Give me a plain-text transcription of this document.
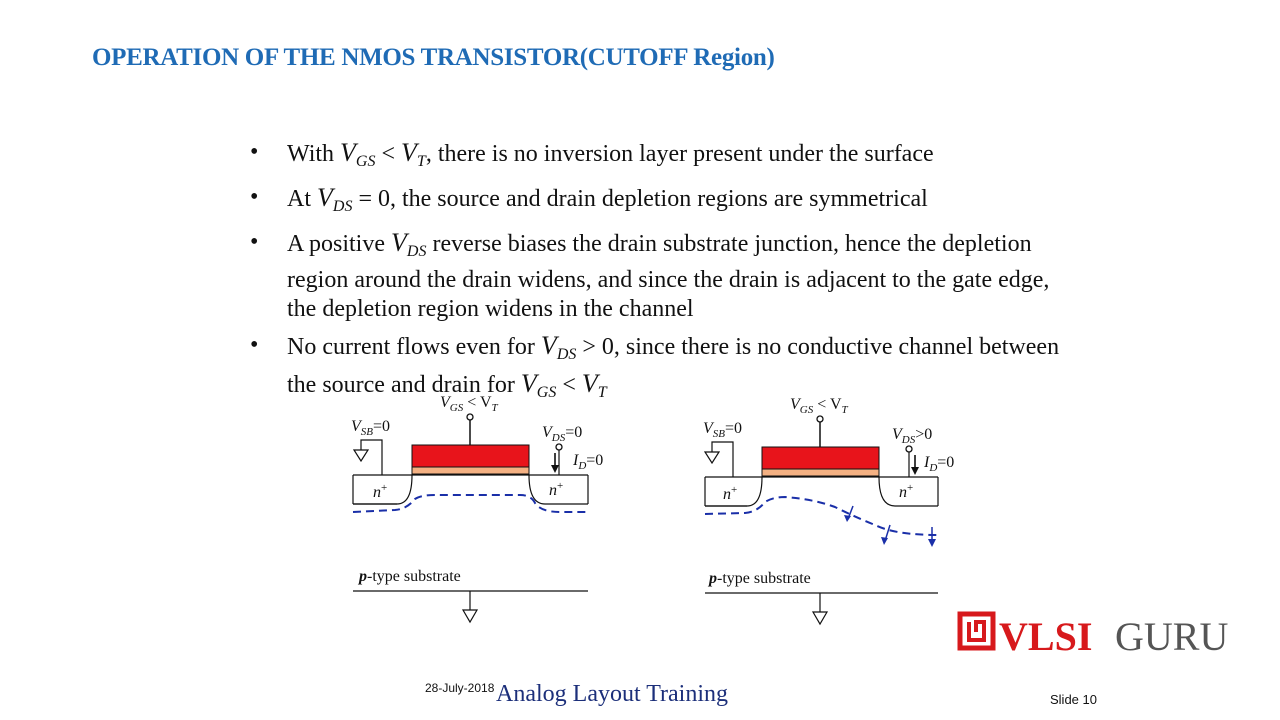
OPERATION OF THE NMOS TRANSISTOR(CUTOFF Region)
• With $V_{GS} < V_T$, there is no inversion layer present under the surface
• At $V_{DS} = 0$, the source and drain depletion regions are symmetrical
• A positive $V_{DS}$ reverse biases the drain substrate junction, hence the depletion region around the drain widens, and since the drain is adjacent to the gate edge, the depletion region widens in the channel
• No current flows even for $V_{DS} > 0$, since there is no conductive channel between the source and drain for $V_{GS} < V_T$
$V_{GS} < V_T$
n+	n+
$V_{SB}=0$	$V_{DS}=0$
$I_D=0$
p-type substrate
$V_{GS} < V_T$
n+	n+
$V_{SB}=0$	$V_{DS}>0$
$I_D=0$
p-type substrate
VLSI GURU
28-July-2018 Analog Layout Training	Slide 10
